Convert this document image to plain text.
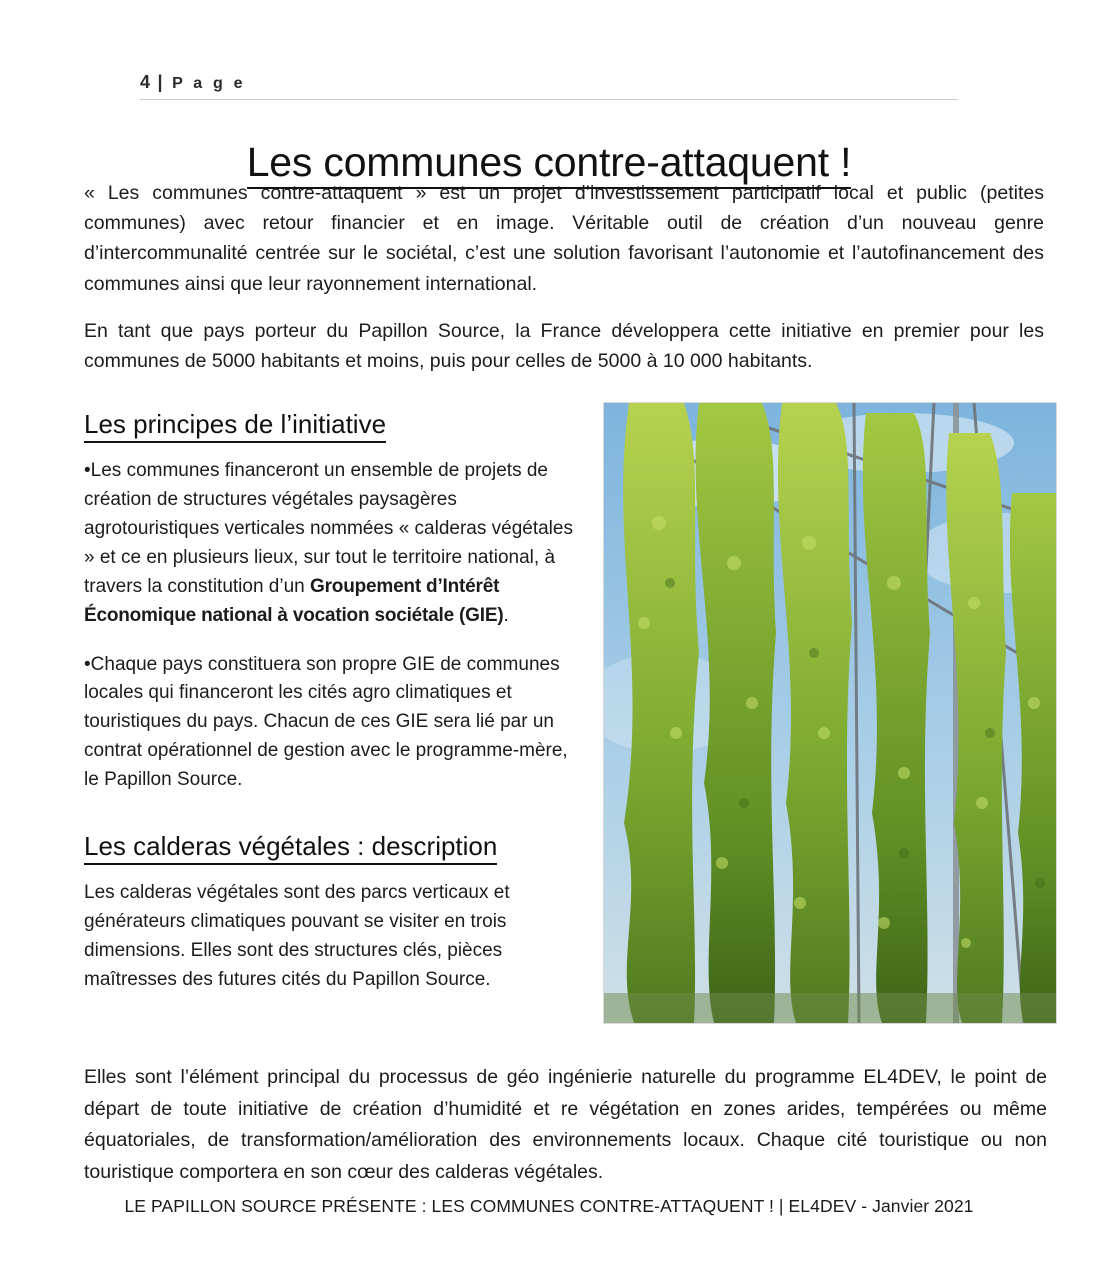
4 | P a g e
Les communes contre-attaquent !

« Les communes contre-attaquent » est un projet d’investissement participatif local et public (petites communes) avec retour financier et en image. Véritable outil de création d’un nouveau genre d’intercommunalité centrée sur le sociétal, c’est une solution favorisant l’autonomie et l’autofinancement des communes ainsi que leur rayonnement international.

En tant que pays porteur du Papillon Source, la France développera cette initiative en premier pour les communes de 5000 habitants et moins, puis pour celles de 5000 à 10 000 habitants.

Les principes de l’initiative

•Les communes financeront un ensemble de projets de création de structures végétales paysagères agrotouristiques verticales nommées « calderas végétales » et ce en plusieurs lieux, sur tout le territoire national, à travers la constitution d’un Groupement d’Intérêt Économique national à vocation sociétale (GIE).

•Chaque pays constituera son propre GIE de communes locales qui financeront les cités agro climatiques et touristiques du pays. Chacun de ces GIE sera lié par un contrat opérationnel de gestion avec le programme-mère, le Papillon Source.

Les calderas végétales : description

Les calderas végétales sont des parcs verticaux et générateurs climatiques pouvant se visiter en trois dimensions. Elles sont des structures clés, pièces maîtresses des futures cités du Papillon Source.

Elles sont l’élément principal du processus de géo ingénierie naturelle du programme EL4DEV, le point de départ de toute initiative de création d’humidité et re végétation en zones arides, tempérées ou même équatoriales, de transformation/amélioration des environnements locaux. Chaque cité touristique ou non touristique comportera en son cœur des calderas végétales.

LE PAPILLON SOURCE PRÉSENTE : LES COMMUNES CONTRE-ATTAQUENT ! | EL4DEV - Janvier 2021
